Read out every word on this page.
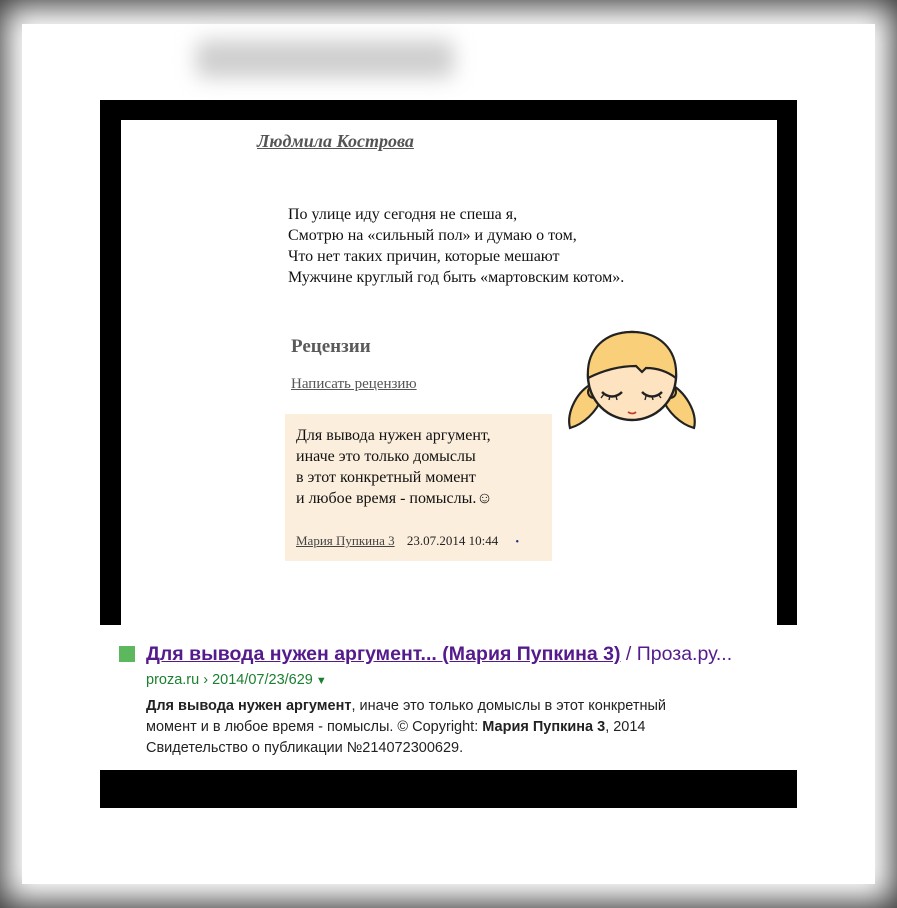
Людмила Кострова
По улице иду сегодня не спеша я,
Смотрю на «сильный пол» и думаю о том,
Что нет таких причин, которые мешают
Мужчине круглый год быть «мартовским котом».
Рецензии
Написать рецензию
Для вывода нужен аргумент,
иначе это только домыслы
в этот конкретный момент
и любое время - помыслы.☺
Мария Пупкина 3 23.07.2014 10:44 •
Для вывода нужен аргумент... (Мария Пупкина 3) / Проза.ру...
proza.ru › 2014/07/23/629 ▼
Для вывода нужен аргумент, иначе это только домыслы в этот конкретный момент и в любое время - помыслы. © Copyright: Мария Пупкина 3, 2014 Свидетельство о публикации №214072300629.
